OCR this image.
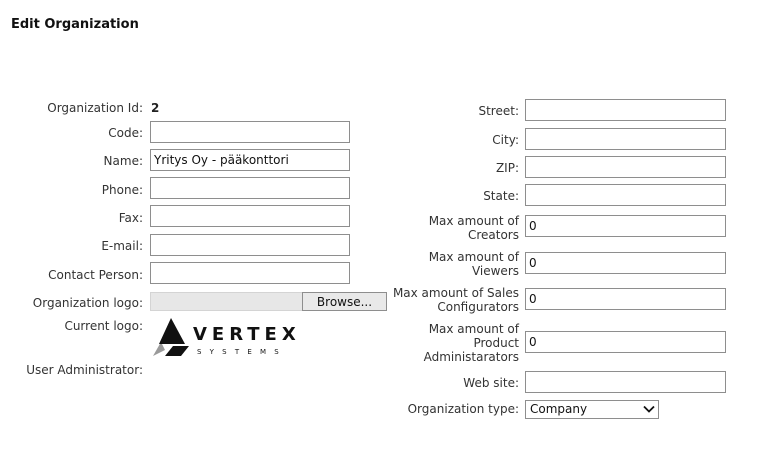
Edit Organization
Organization Id: 2
Code:
Name:
Yritys Oy - pääkonttori
Phone:
Fax:
E-mail:
Contact Person:
Organization logo:	Browse...
Current logo:	VERTEX
S Y S T E M S
User Administrator:
Street:
City:
ZIP:
State:
Max amount of
Creators
0
Max amount of
Viewers
0
Max amount of Sales
Configurators
0
Max amount of
Product
Administarators
0
Web site:
Organization type: Company
